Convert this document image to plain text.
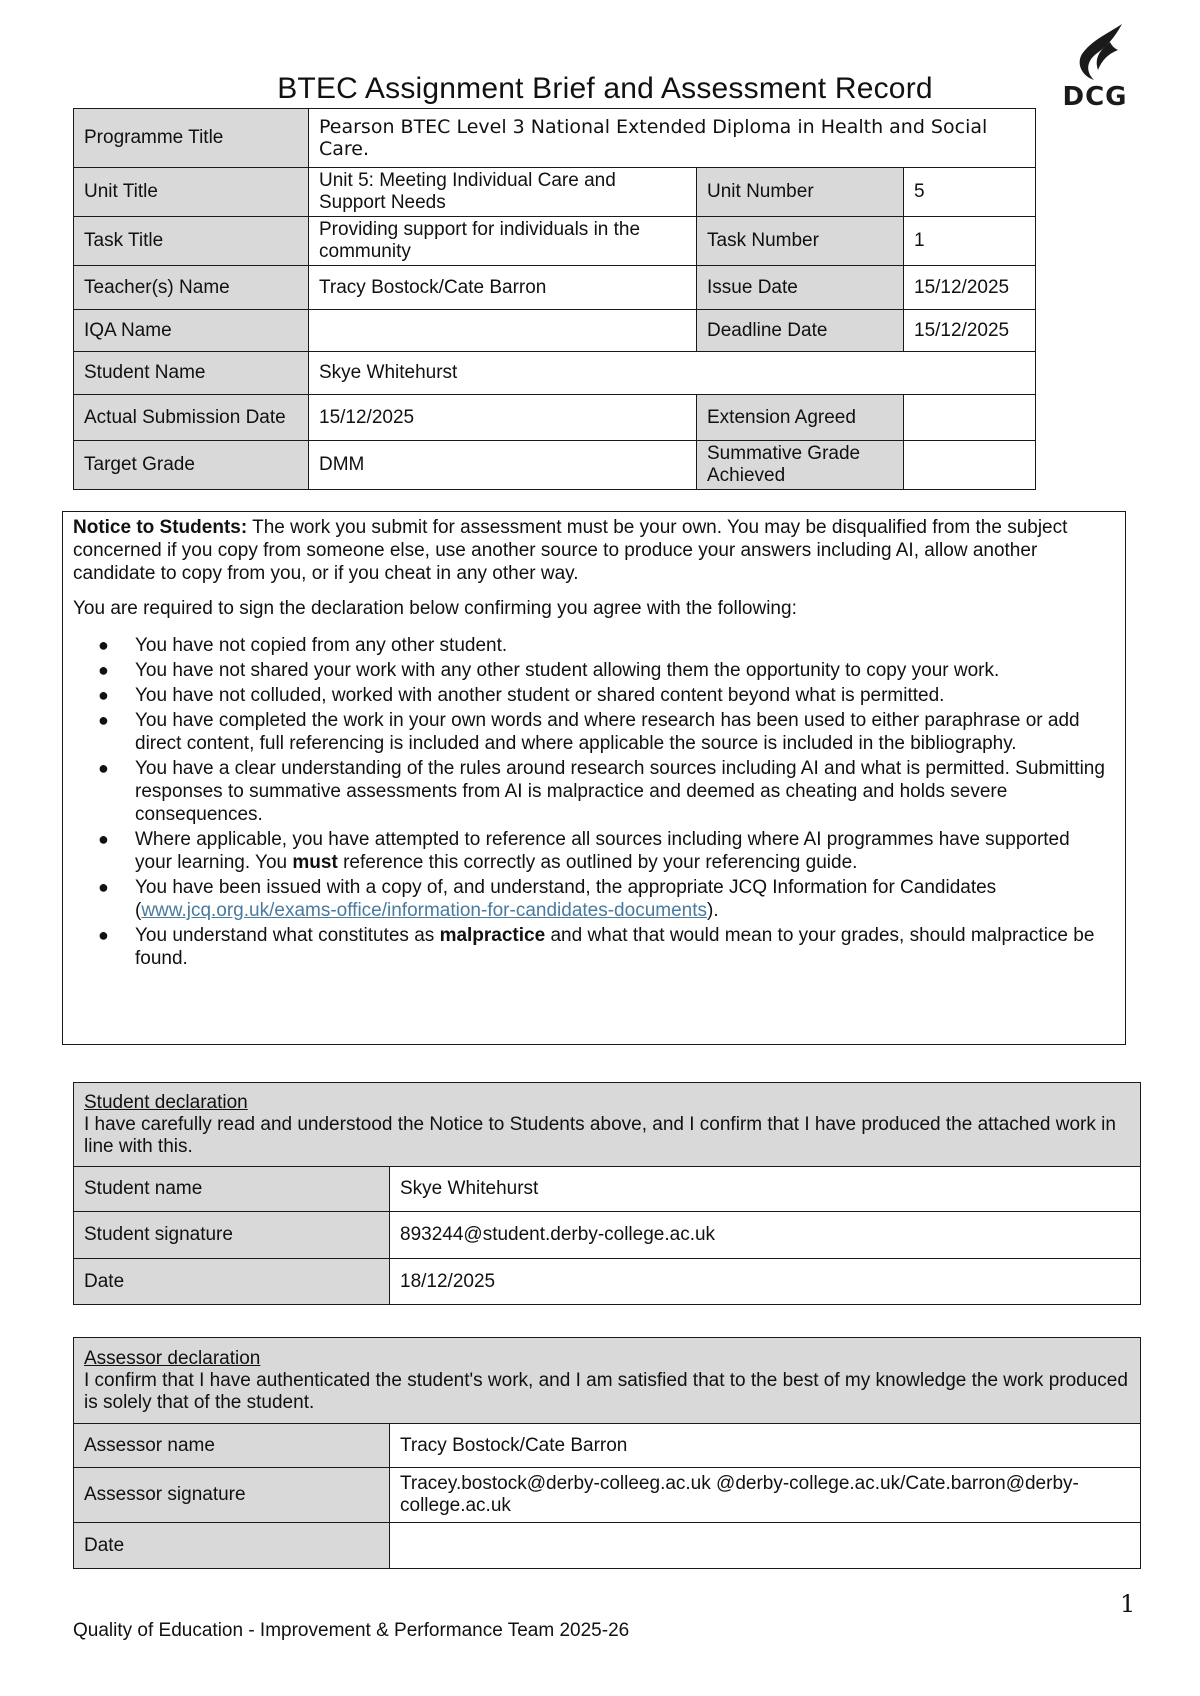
BTEC Assignment Brief and Assessment Record	DCG
Programme Title	Pearson BTEC Level 3 National Extended Diploma in Health and Social Care.		
Unit Title	Unit 5: Meeting Individual Care and Support Needs	Unit Number	5
Task Title	Providing support for individuals in the community	Task Number	1
Teacher(s) Name	Tracy Bostock/Cate Barron	Issue Date	15/12/2025
IQA Name		Deadline Date	15/12/2025
Student Name	Skye Whitehurst		
Actual Submission Date	15/12/2025	Extension Agreed	
Target Grade	DMM	Summative Grade Achieved	

Notice to Students: The work you submit for assessment must be your own. You may be disqualified from the subject concerned if you copy from someone else, use another source to produce your answers including AI, allow another candidate to copy from you, or if you cheat in any other way.

You are required to sign the declaration below confirming you agree with the following:

● You have not copied from any other student.
● You have not shared your work with any other student allowing them the opportunity to copy your work.
● You have not colluded, worked with another student or shared content beyond what is permitted.
● You have completed the work in your own words and where research has been used to either paraphrase or add direct content, full referencing is included and where applicable the source is included in the bibliography.
● You have a clear understanding of the rules around research sources including AI and what is permitted. Submitting responses to summative assessments from AI is malpractice and deemed as cheating and holds severe consequences.
● Where applicable, you have attempted to reference all sources including where AI programmes have supported your learning. You must reference this correctly as outlined by your referencing guide.
● You have been issued with a copy of, and understand, the appropriate JCQ Information for Candidates (www.jcq.org.uk/exams-office/information-for-candidates-documents).
● You understand what constitutes as malpractice and what that would mean to your grades, should malpractice be found.
Student declaration
I have carefully read and understood the Notice to Students above, and I confirm that I have produced the attached work in line with this.	
Student name	Skye Whitehurst
Student signature	893244@student.derby-college.ac.uk
Date	18/12/2025
Assessor declaration
I confirm that I have authenticated the student's work, and I am satisfied that to the best of my knowledge the work produced is solely that of the student.	
Assessor name	Tracy Bostock/Cate Barron
Assessor signature	Tracey.bostock@derby-colleeg.ac.uk @derby-college.ac.uk/Cate.barron@derby-college.ac.uk
Date	
1
Quality of Education - Improvement & Performance Team 2025-26
